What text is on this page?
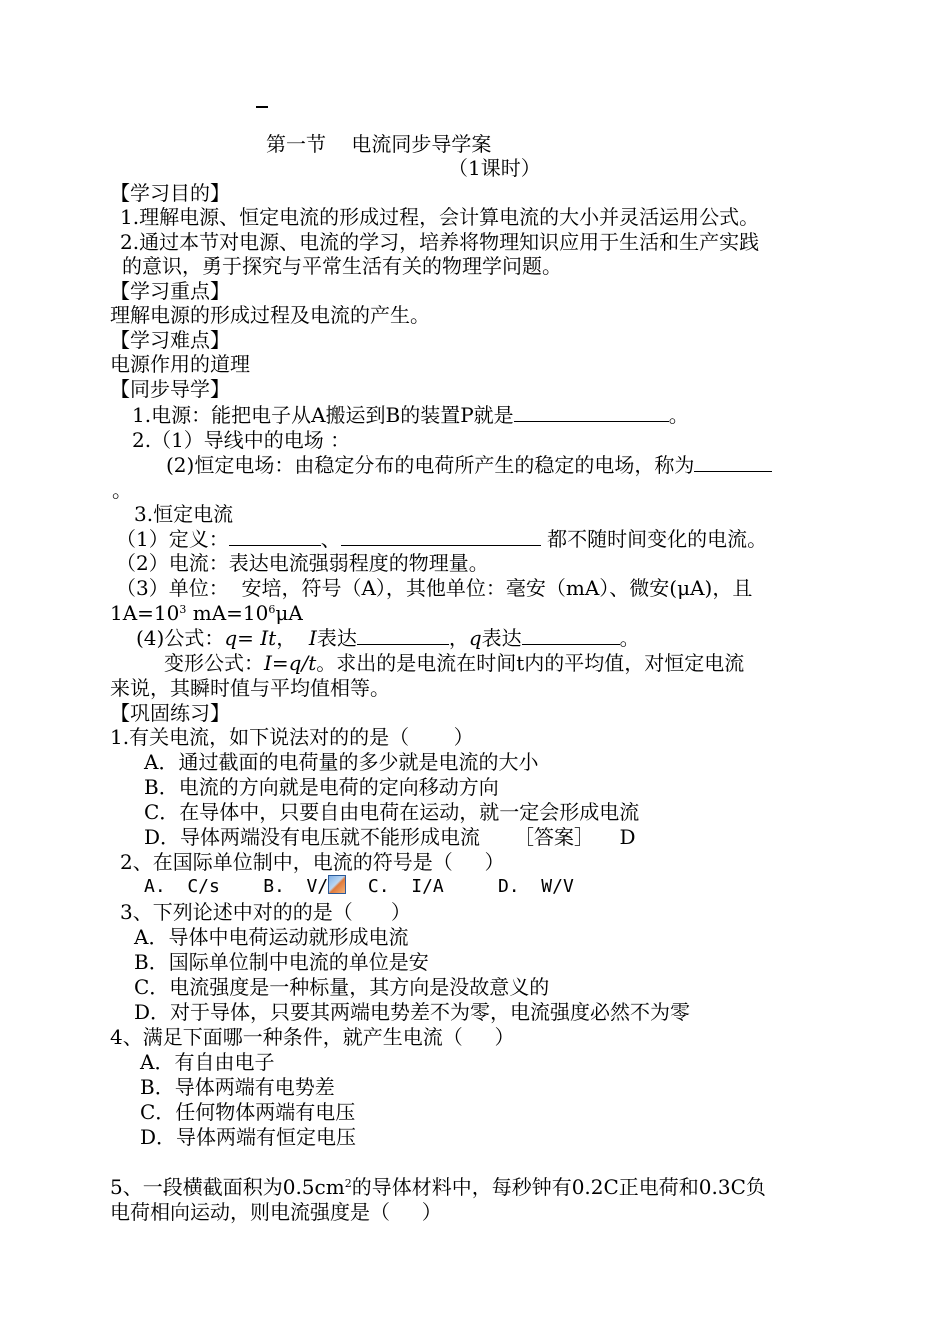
第一节    电流同步导学案
（1课时）
【学习目的】
1.理解电源、恒定电流的形成过程，会计算电流的大小并灵活运用公式。
2.通过本节对电源、电流的学习，培养将物理知识应用于生活和生产实践
的意识，勇于探究与平常生活有关的物理学问题。
【学习重点】
理解电源的形成过程及电流的产生。
【学习难点】
电源作用的道理
【同步导学】
1.电源：能把电子从A搬运到B的装置P就是	。
2.（1）导线中的电场 ：
(2)恒定电场：由稳定分布的电荷所产生的稳定的电场，称为
。
3.恒定电流
（1）定义：	、	都不随时间变化的电流。
（2）电流：表达电流强弱程度的物理量。
（3）单位：  安培，符号（A），其他单位：毫安（mA）、微安(μA)，且
$1A=10^3$ $mA=10^6\mu A$
(4)公式：q= It，  I表达	，q表达	。
变形公式：I=q/t。求出的是电流在时间t内的平均值，对恒定电流
来说，其瞬时值与平均值相等。
【巩固练习】
1.有关电流，如下说法对的的是（       ）
A．通过截面的电荷量的多少就是电流的大小
B．电流的方向就是电荷的定向移动方向
C．在导体中，只要自由电荷在运动，就一定会形成电流
D．导体两端没有电压就不能形成电流 ［答案］    D
2、在国际单位制中，电流的符号是（     ）
A.  C/s    B.  V/  C.  I/A     D.  W/V
3、下列论述中对的的是（      ）
A．导体中电荷运动就形成电流
B．国际单位制中电流的单位是安
C．电流强度是一种标量，其方向是没故意义的
D．对于导体，只要其两端电势差不为零，电流强度必然不为零
4、满足下面哪一种条件，就产生电流（     ）
A．有自由电子
B．导体两端有电势差
C．任何物体两端有电压
D．导体两端有恒定电压
5、一段横截面积为$0.5cm^2$的导体材料中，每秒钟有0.2C正电荷和0.3C负
电荷相向运动，则电流强度是（     ）
